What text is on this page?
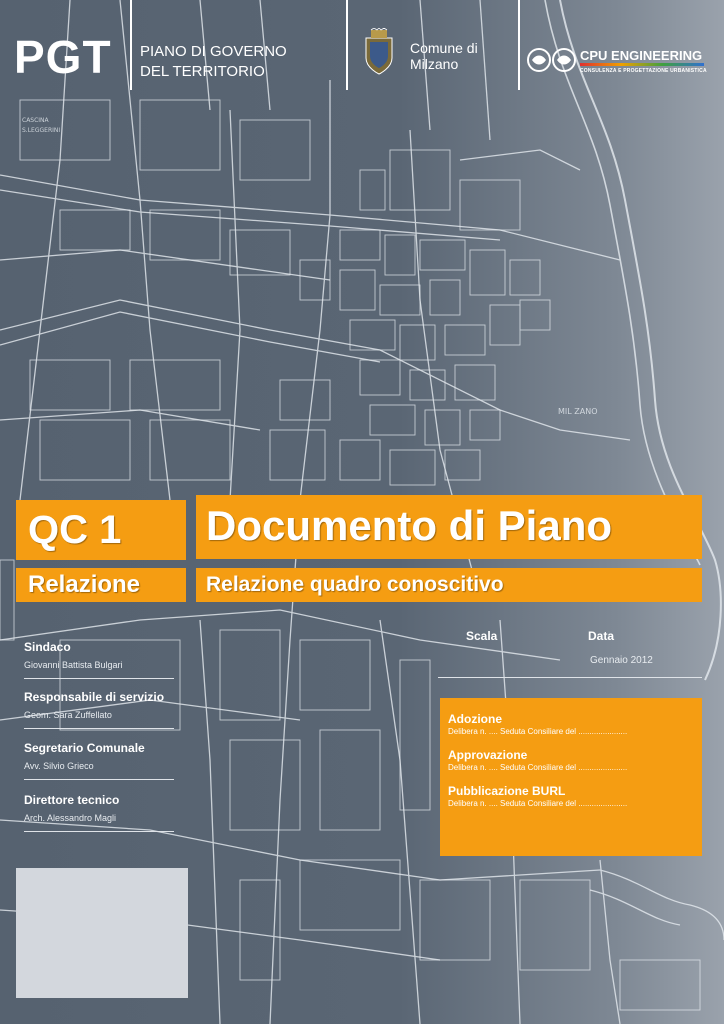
MIL ZANO
CASCINA
S.LEGGERINI
PGT PIANO DI GOVERNO
DEL TERRITORIO
Comune di
Milzano
CPU ENGINEERING
CONSULENZA E PROGETTAZIONE URBANISTICA
QC 1	Documento di Piano
Relazione	Relazione quadro conoscitivo
Sindaco
Giovanni Battista Bulgari
Responsabile di servizio
Geom. Sara Zuffellato
Segretario Comunale
Avv. Silvio Grieco
Direttore tecnico
Arch. Alessandro Magli
Scala	Data
Gennaio 2012
Adozione
Delibera n. .... Seduta Consiliare del ......................
Approvazione
Delibera n. .... Seduta Consiliare del ......................
Pubblicazione BURL
Delibera n. .... Seduta Consiliare del ......................
